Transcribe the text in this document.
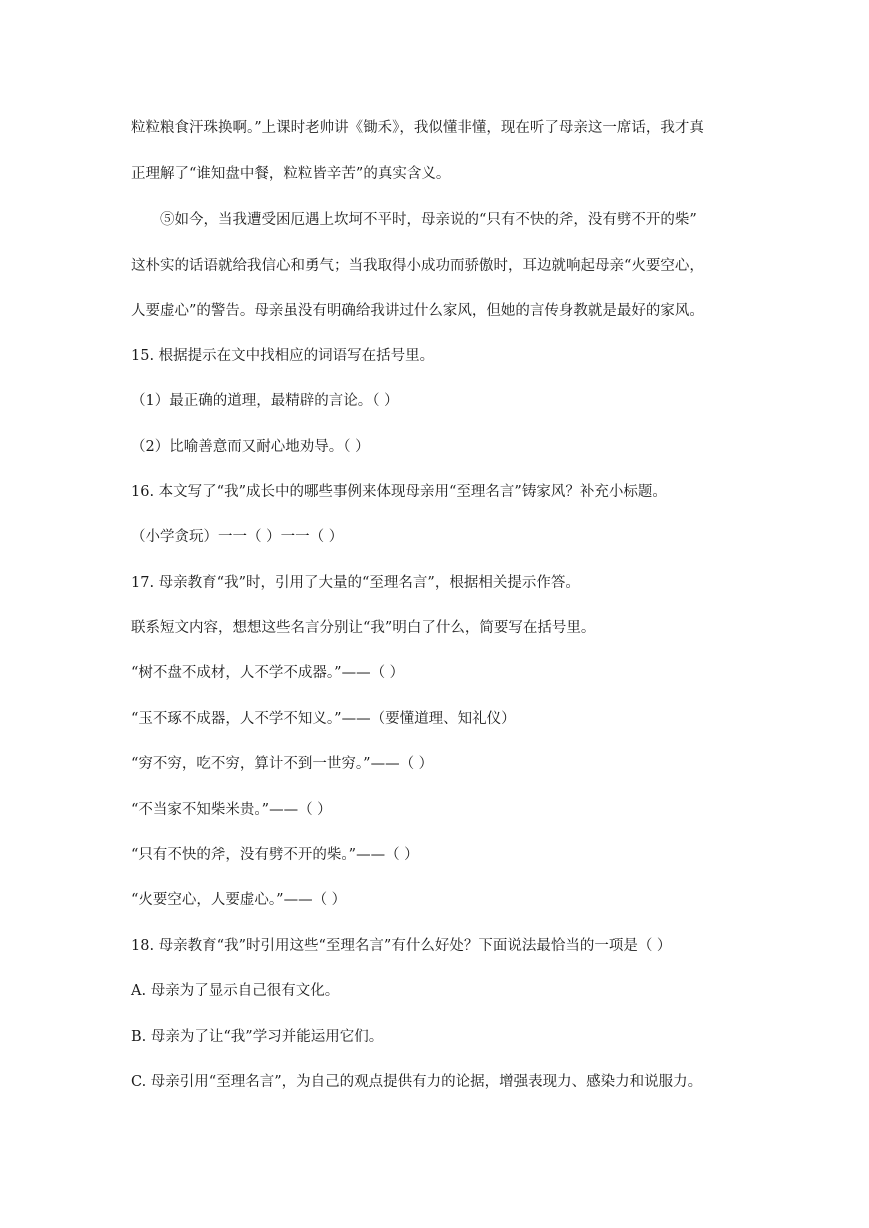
粒粒粮食汗珠换啊。”上课时老帅讲《锄禾》，我似懂非懂，现在听了母亲这一席话，我才真
正理解了“谁知盘中餐，粒粒皆辛苦”的真实含义。
⑤如今，当我遭受困厄遇上坎坷不平时，母亲说的“只有不快的斧，没有劈不开的柴”
这朴实的话语就给我信心和勇气；当我取得小成功而骄傲时，耳边就响起母亲“火要空心，
人要虚心”的警告。母亲虽没有明确给我讲过什么家风，但她的言传身教就是最好的家风。
15. 根据提示在文中找相应的词语写在括号里。
（1）最正确的道理，最精辟的言论。（ ）
（2）比喻善意而又耐心地劝导。（ ）
16. 本文写了“我”成长中的哪些事例来体现母亲用“至理名言”铸家风？补充小标题。
（小学贪玩）一一（ ）一一（ ）
17. 母亲教育“我”时，引用了大量的“至理名言”，根据相关提示作答。
联系短文内容，想想这些名言分别让“我”明白了什么，简要写在括号里。
“树不盘不成材，人不学不成器。”——（ ）
“玉不琢不成器，人不学不知义。”——（要懂道理、知礼仪）
“穷不穷，吃不穷，算计不到一世穷。”——（ ）
“不当家不知柴米贵。”——（ ）
“只有不快的斧，没有劈不开的柴。”——（ ）
“火要空心，人要虚心。”——（ ）
18. 母亲教育“我”时引用这些“至理名言”有什么好处？下面说法最恰当的一项是（ ）
A. 母亲为了显示自己很有文化。
B. 母亲为了让“我”学习并能运用它们。
C. 母亲引用“至理名言”，为自己的观点提供有力的论据，增强表现力、感染力和说服力。
